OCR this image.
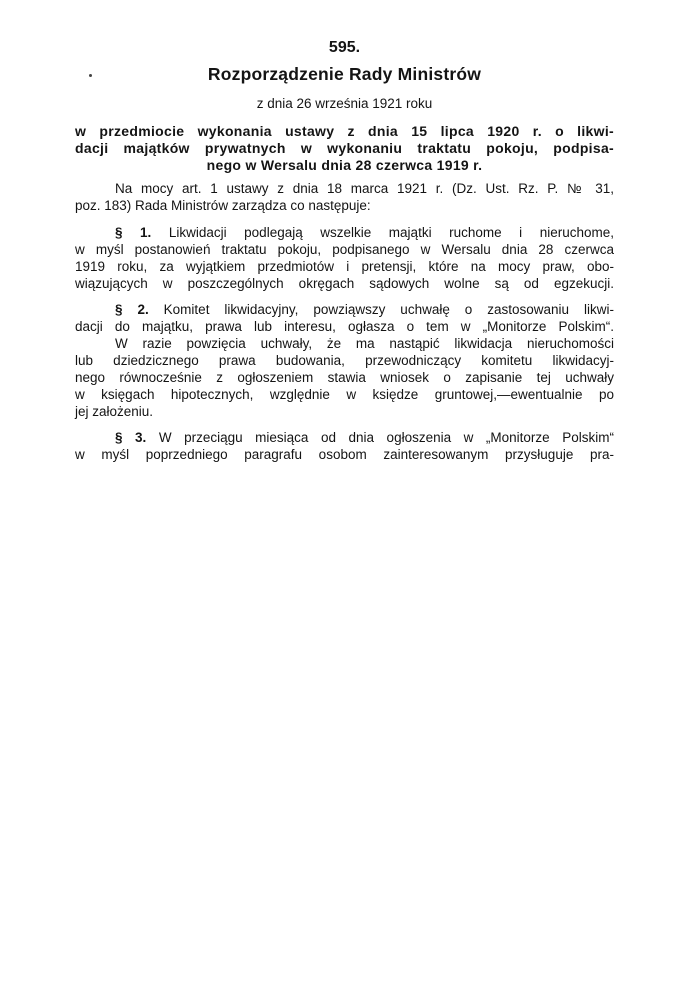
595.
Rozporządzenie Rady Ministrów
z dnia 26 września 1921 roku
w przedmiocie wykonania ustawy z dnia 15 lipca 1920 r. o likwi-
dacji majątków prywatnych w wykonaniu traktatu pokoju, podpisa-
nego w Wersalu dnia 28 czerwca 1919 r.
Na mocy art. 1 ustawy z dnia 18 marca 1921 r. (Dz. Ust. Rz. P. № 31,
poz. 183) Rada Ministrów zarządza co następuje:
§ 1. Likwidacji podlegają wszelkie majątki ruchome i nieruchome,
w myśl postanowień traktatu pokoju, podpisanego w Wersalu dnia 28 czerwca
1919 roku, za wyjątkiem przedmiotów i pretensji, które na mocy praw, obo-
wiązujących w poszczególnych okręgach sądowych wolne są od egzekucji.
§ 2. Komitet likwidacyjny, powziąwszy uchwałę o zastosowaniu likwi-
dacji do majątku, prawa lub interesu, ogłasza o tem w „Monitorze Polskim“.
W razie powzięcia uchwały, że ma nastąpić likwidacja nieruchomości
lub dziedzicznego prawa budowania, przewodniczący komitetu likwidacyj-
nego równocześnie z ogłoszeniem stawia wniosek o zapisanie tej uchwały
w księgach hipotecznych, względnie w księdze gruntowej,—ewentualnie po
jej założeniu.
§ 3. W przeciągu miesiąca od dnia ogłoszenia w „Monitorze Polskim“
w myśl poprzedniego paragrafu osobom zainteresowanym przysługuje pra-
